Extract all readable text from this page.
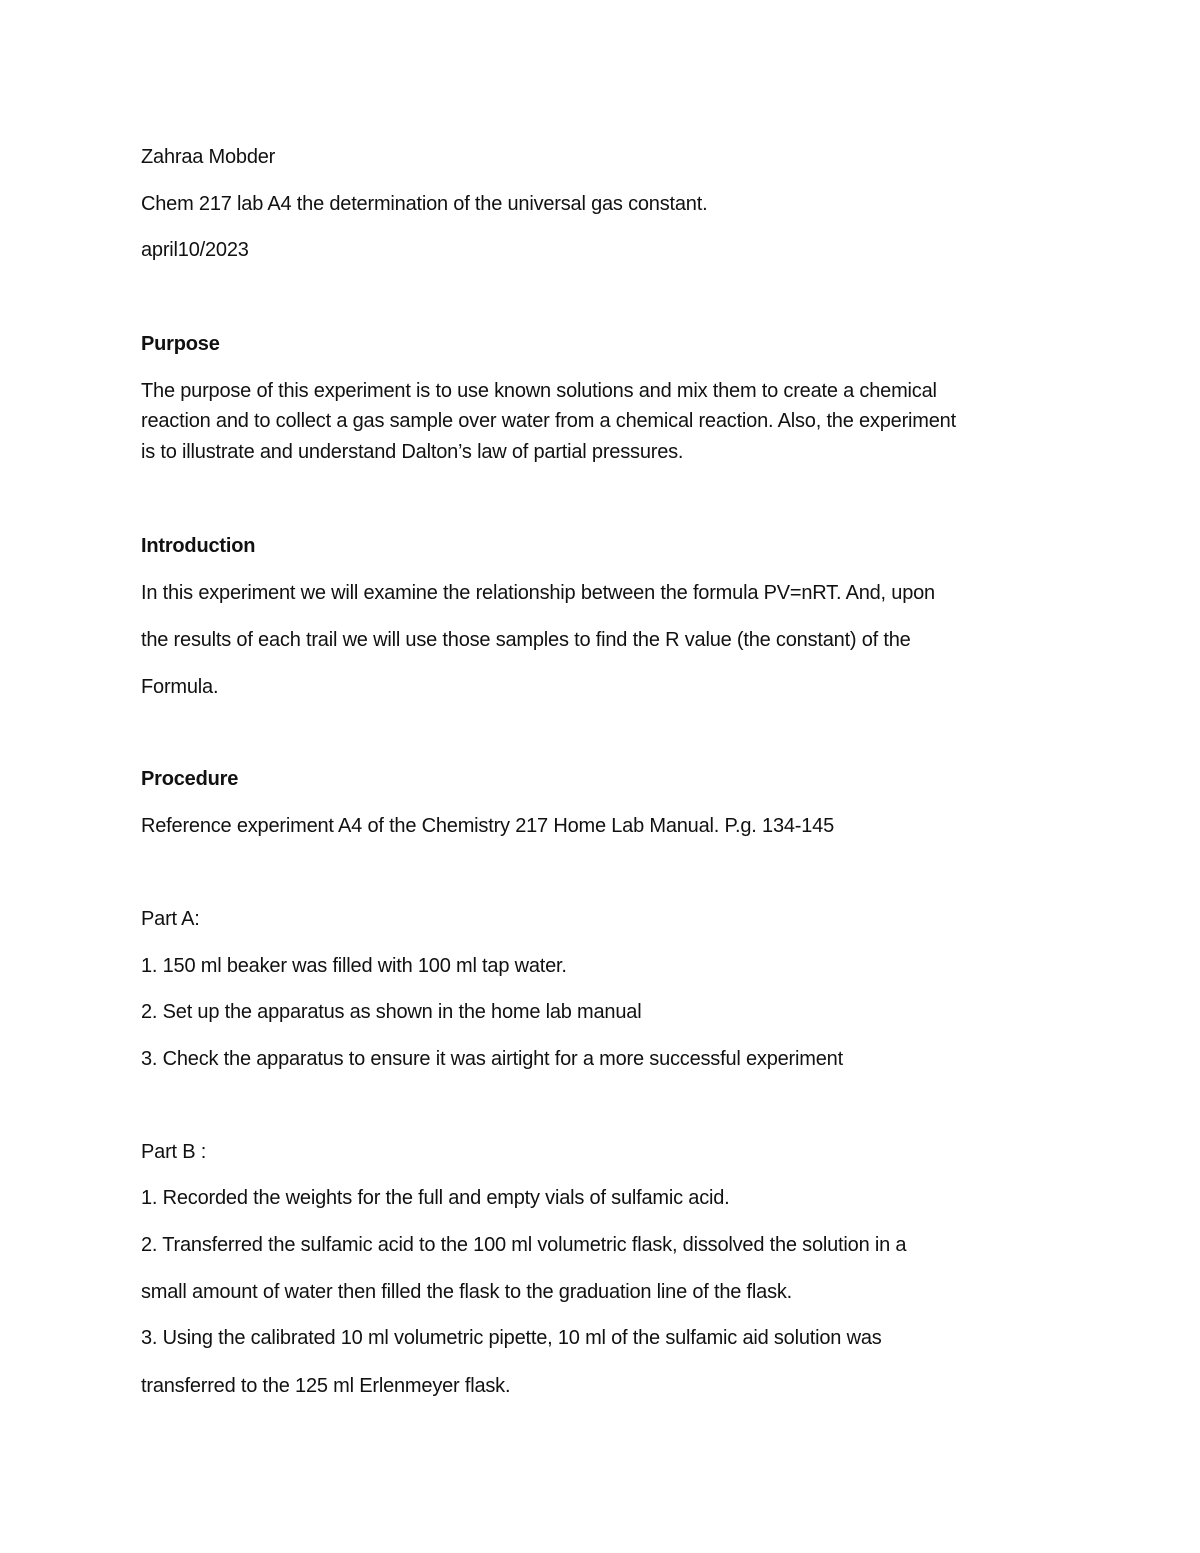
Zahraa Mobder
Chem 217 lab A4 the determination of the universal gas constant.
april10/2023
Purpose
The purpose of this experiment is to use known solutions and mix them to create a chemical
reaction and to collect a gas sample over water from a chemical reaction. Also, the experiment
is to illustrate and understand Dalton’s law of partial pressures.
Introduction
In this experiment we will examine the relationship between the formula PV=nRT. And, upon
the results of each trail we will use those samples to find the R value (the constant) of the
Formula.
Procedure
Reference experiment A4 of the Chemistry 217 Home Lab Manual. P.g. 134-145
Part A:
1. 150 ml beaker was filled with 100 ml tap water.
2. Set up the apparatus as shown in the home lab manual
3. Check the apparatus to ensure it was airtight for a more successful experiment
Part B :
1. Recorded the weights for the full and empty vials of sulfamic acid.
2. Transferred the sulfamic acid to the 100 ml volumetric flask, dissolved the solution in a
small amount of water then filled the flask to the graduation line of the flask.
3. Using the calibrated 10 ml volumetric pipette, 10 ml of the sulfamic aid solution was
transferred to the 125 ml Erlenmeyer flask.
